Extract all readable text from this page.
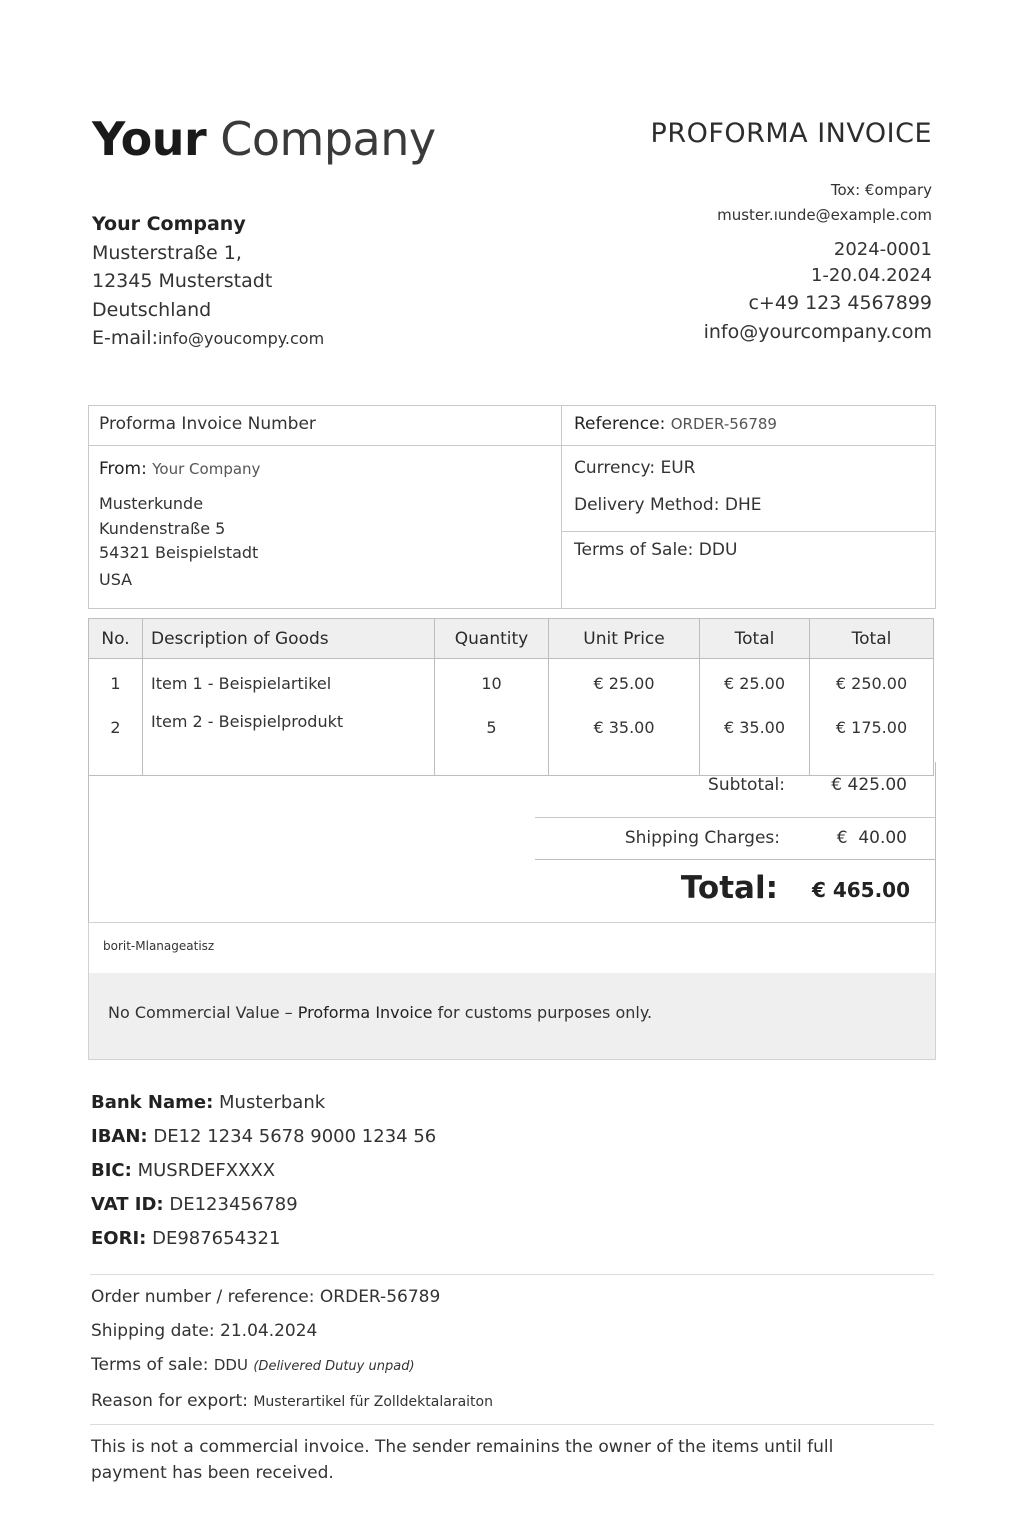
Your Company	PROFORMA INVOICE
Your Company
Musterstraße 1,
12345 Musterstadt
Deutschland
E-mail:info@youcompy.com
Tox: €ompary
muster.ıunde@example.com
2024-0001
1-20.04.2024
c+49 123 4567899
info@yourcompany.com
Proforma Invoice Number	Reference: ORDER-56789
From: Your Company
Musterkunde
Kundenstraße 5
54321 Beispielstadt
USA
Currency: EUR
Delivery Method: DHE
Terms of Sale: DDU
No.	Description of Goods	Quantity	Unit Price	Total	Total
1	Item 1 - Beispielartikel	10	€ 25.00	€ 25.00	€ 250.00
2	Item 2 - Beispielprodukt	5	€ 35.00	€ 35.00	€ 175.00
Subtotal:	€ 425.00
Shipping Charges:	€  40.00
Total: € 465.00
borit-Mlanageatisz
No Commercial Value – Proforma Invoice for customs purposes only.
Bank Name: Musterbank
IBAN: DE12 1234 5678 9000 1234 56
BIC: MUSRDEFXXXX
VAT ID: DE123456789
EORI: DE987654321
Order number / reference: ORDER-56789
Shipping date: 21.04.2024
Terms of sale: DDU (Delivered Dutuy unpad)
Reason for export: Musterartikel für Zolldektalaraiton
This is not a commercial invoice. The sender remainins the owner of the items until full payment has been received.
